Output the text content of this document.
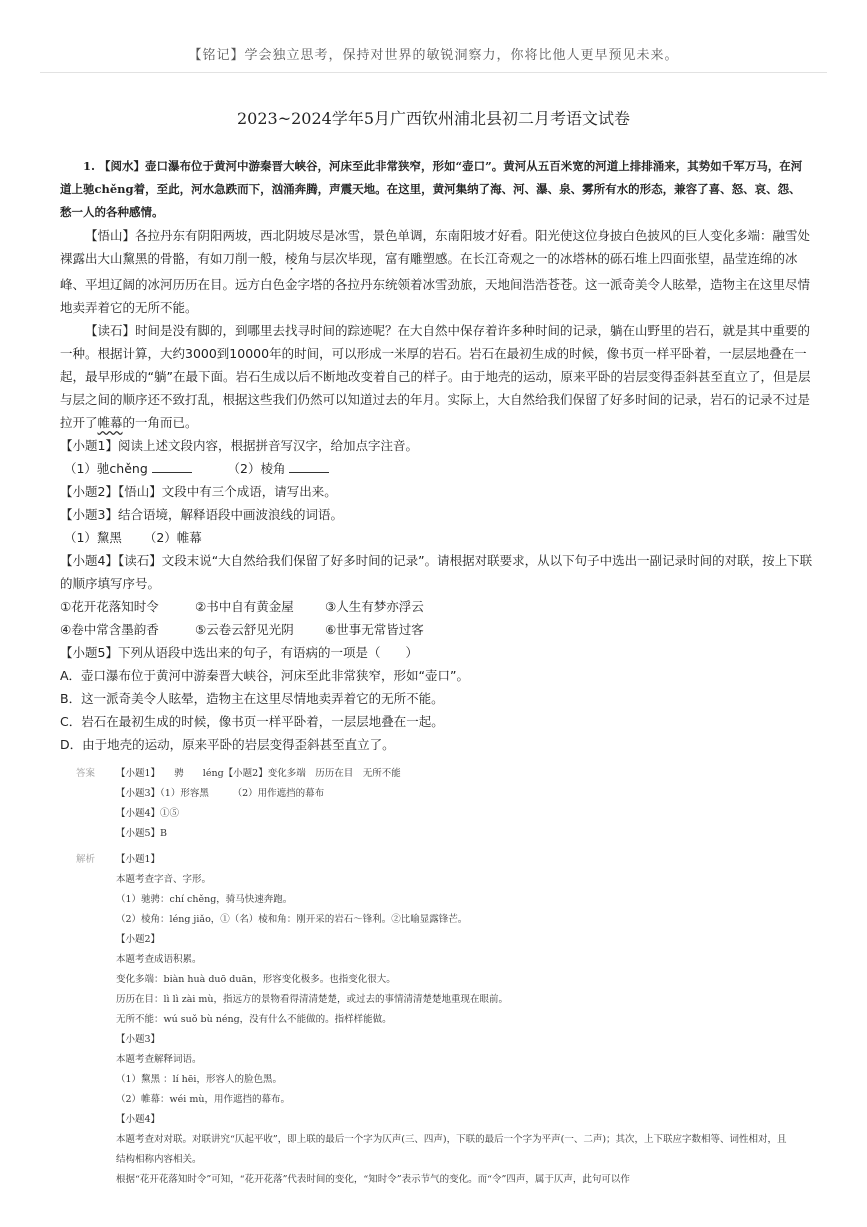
【铭记】学会独立思考，保持对世界的敏锐洞察力，你将比他人更早预见未来。
2023~2024学年5月广西钦州浦北县初二月考语文试卷

1. 【阅水】壶口瀑布位于黄河中游秦晋大峡谷，河床至此非常狭窄，形如“壶口”。黄河从五百米宽的河道上排排涌来，其势如千军万马，在河道上驰chěng着，至此，河水急跌而下，汹涌奔腾，声震天地。在这里，黄河集纳了海、河、瀑、泉、雾所有水的形态，兼容了喜、怒、哀、怨、愁一人的各种感情。

【悟山】各拉丹东有阴阳两坡，西北阴坡尽是冰雪，景色单调，东南阳坡才好看。阳光使这位身披白色披风的巨人变化多端：融雪处裸露出大山黧黑的骨骼，有如刀削一般，棱角与层次毕现，富有雕塑感。在长江奇观之一的冰塔林的砾石堆上四面张望，晶莹连绵的冰峰、平坦辽阔的冰河历历在目。远方白色金字塔的各拉丹东统领着冰雪劲旅，天地间浩浩苍苍。这一派奇美令人眩晕，造物主在这里尽情地卖弄着它的无所不能。

【读石】时间是没有脚的，到哪里去找寻时间的踪迹呢？在大自然中保存着许多种时间的记录，躺在山野里的岩石，就是其中重要的一种。根据计算，大约3000到10000年的时间，可以形成一米厚的岩石。岩石在最初生成的时候，像书页一样平卧着，一层层地叠在一起，最早形成的“躺”在最下面。岩石生成以后不断地改变着自己的样子。由于地壳的运动，原来平卧的岩层变得歪斜甚至直立了，但是层与层之间的顺序还不致打乱，根据这些我们仍然可以知道过去的年月。实际上，大自然给我们保留了好多时间的记录，岩石的记录不过是拉开了帷幕的一角而已。

【小题1】阅读上述文段内容，根据拼音写汉字，给加点字注音。

（1）驰chěng	（2）棱角

【小题2】【悟山】文段中有三个成语，请写出来。

【小题3】结合语境，解释语段中画波浪线的词语。

（1）黧黑 （2）帷幕

【小题4】【读石】文段末说“大自然给我们保留了好多时间的记录”。请根据对联要求，从以下句子中选出一副记录时间的对联，按上下联的顺序填写序号。

①花开花落知时令	②书中自有黄金屋	③人生有梦亦浮云

④卷中常含墨韵香	⑤云卷云舒见光阴	⑥世事无常皆过客

【小题5】下列从语段中选出来的句子，有语病的一项是（　　）

A．壶口瀑布位于黄河中游秦晋大峡谷，河床至此非常狭窄，形如“壶口”。

B．这一派奇美令人眩晕，造物主在这里尽情地卖弄着它的无所不能。

C．岩石在最初生成的时候，像书页一样平卧着，一层层地叠在一起。

D．由于地壳的运动，原来平卧的岩层变得歪斜甚至直立了。

答案 【小题1】　　骋　　léng【小题2】变化多端　历历在目　无所不能
【小题3】（1）形容黑　　　（2）用作遮挡的幕布
【小题4】①⑤
【小题5】B
解析 【小题1】
本题考查字音、字形。
（1）驰骋：chí chěng，骑马快速奔跑。
（2）棱角：léng jiǎo，①（名）棱和角：刚开采的岩石〜锋利。②比喻显露锋芒。
【小题2】
本题考查成语积累。
变化多端：biàn huà duō duān，形容变化极多。也指变化很大。
历历在目：lì lì zài mù，指远方的景物看得清清楚楚，或过去的事情清清楚楚地重现在眼前。
无所不能：wú suǒ bù néng，没有什么不能做的。指样样能做。
【小题3】
本题考查解释词语。
（1）黧黑 ：lí hēi，形容人的脸色黑。
（2）帷幕：wéi mù，用作遮挡的幕布。
【小题4】
本题考查对对联。对联讲究“仄起平收”，即上联的最后一个字为仄声(三、四声)，下联的最后一个字为平声(一、二声)；其次，上下联应字数相等、词性相对，且结构相称内容相关。
根据“花开花落知时令”可知，“花开花落”代表时间的变化，“知时令”表示节气的变化。而“令”四声，属于仄声，此句可以作
